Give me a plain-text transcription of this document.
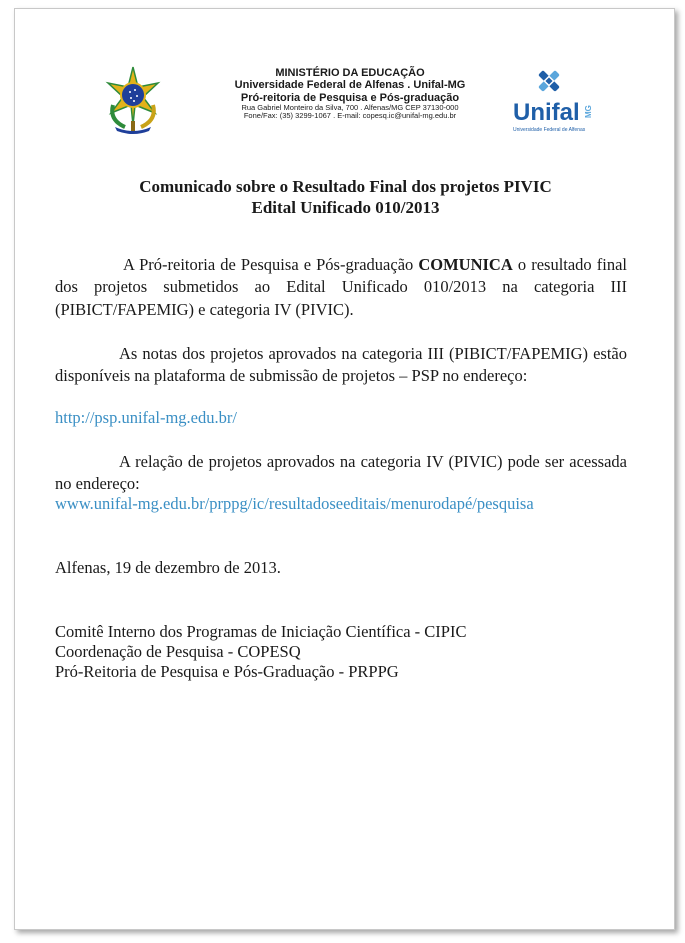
MINISTÉRIO DA EDUCAÇÃO
Universidade Federal de Alfenas . Unifal-MG
Pró-reitoria de Pesquisa e Pós-graduação
Rua Gabriel Monteiro da Silva, 700 . Alfenas/MG CEP 37130-000
Fone/Fax: (35) 3299-1067 . E-mail: copesq.ic@unifal-mg.edu.br	Unifal MG
Universidade Federal de Alfenas
Comunicado sobre o Resultado Final dos projetos PIVIC
Edital Unificado 010/2013
A Pró-reitoria de Pesquisa e Pós-graduação COMUNICA o resultado final dos projetos submetidos ao Edital Unificado 010/2013 na categoria III (PIBICT/FAPEMIG) e categoria IV (PIVIC).
As notas dos projetos aprovados na categoria III (PIBICT/FAPEMIG) estão disponíveis na plataforma de submissão de projetos – PSP no endereço:
http://psp.unifal-mg.edu.br/
A relação de projetos aprovados na categoria IV (PIVIC) pode ser acessada no endereço:
www.unifal-mg.edu.br/prppg/ic/resultadoseeditais/menurodapé/pesquisa
Alfenas, 19 de dezembro de 2013.
Comitê Interno dos Programas de Iniciação Científica - CIPIC
Coordenação de Pesquisa - COPESQ
Pró-Reitoria de Pesquisa e Pós-Graduação - PRPPG
